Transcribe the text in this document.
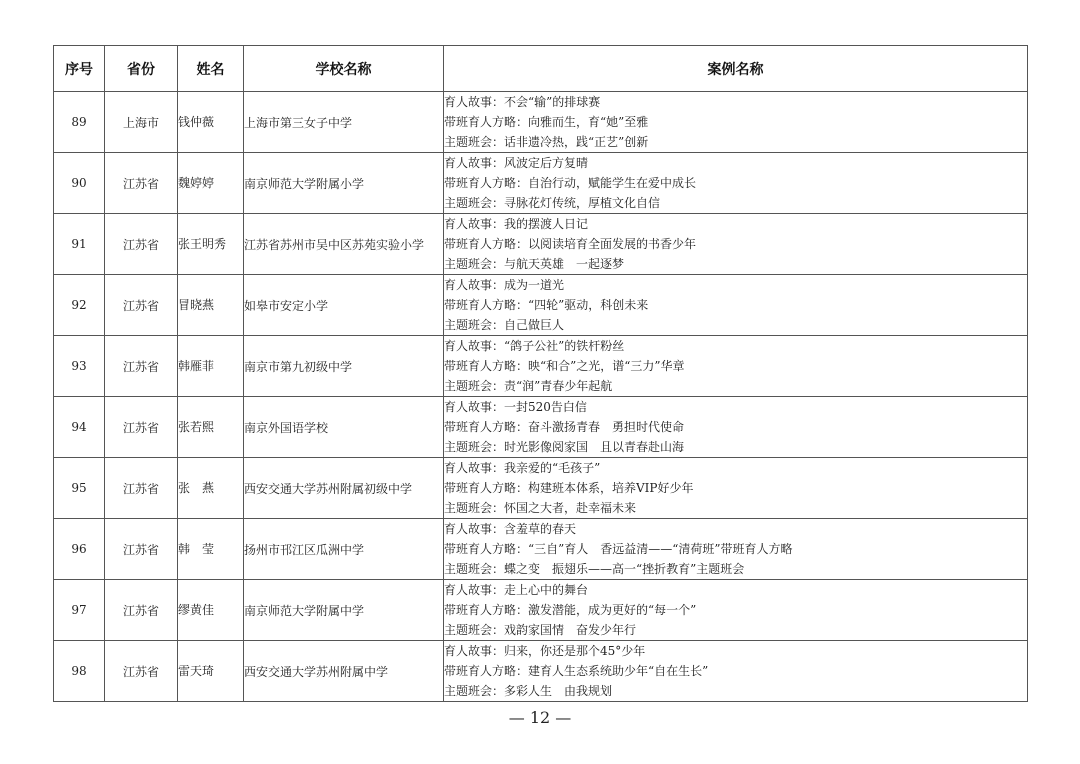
序号	省份	姓名	学校名称	案例名称
89	上海市	钱仲薇	上海市第三女子中学	育人故事：不会“输”的排球赛
带班育人方略：向雅而生，育“她”至雅
主题班会：话非遗冷热，践“正艺”创新

90	江苏省	魏婷婷	南京师范大学附属小学	育人故事：风波定后方复晴
带班育人方略：自治行动，赋能学生在爱中成长
主题班会：寻脉花灯传统，厚植文化自信

91	江苏省	张王明秀	江苏省苏州市吴中区苏苑实验小学	育人故事：我的摆渡人日记
带班育人方略：以阅读培育全面发展的书香少年
主题班会：与航天英雄　一起逐梦

92	江苏省	冒晓燕	如皋市安定小学	育人故事：成为一道光
带班育人方略：“四轮”驱动，科创未来
主题班会：自己做巨人

93	江苏省	韩雁菲	南京市第九初级中学	育人故事：“鸽子公社”的铁杆粉丝
带班育人方略：映“和合”之光，谱“三力”华章
主题班会：责“润”青春少年起航

94	江苏省	张若熙	南京外国语学校	育人故事：一封520告白信
带班育人方略：奋斗激扬青春　勇担时代使命
主题班会：时光影像阅家国　且以青春赴山海

95	江苏省	张　燕	西安交通大学苏州附属初级中学	育人故事：我亲爱的“毛孩子”
带班育人方略：构建班本体系，培养VIP好少年
主题班会：怀国之大者，赴幸福未来

96	江苏省	韩　莹	扬州市邗江区瓜洲中学	育人故事：含羞草的春天
带班育人方略：“三自”育人　香远益清——“清荷班”带班育人方略
主题班会：蝶之变　振翅乐——高一“挫折教育”主题班会

97	江苏省	缪黄佳	南京师范大学附属中学	育人故事：走上心中的舞台
带班育人方略：激发潜能，成为更好的“每一个”
主题班会：戏韵家国情　奋发少年行

98	江苏省	雷天琦	西安交通大学苏州附属中学	育人故事：归来，你还是那个45°少年
带班育人方略：建育人生态系统助少年“自在生长”
主题班会：多彩人生　由我规划
— 12 —
